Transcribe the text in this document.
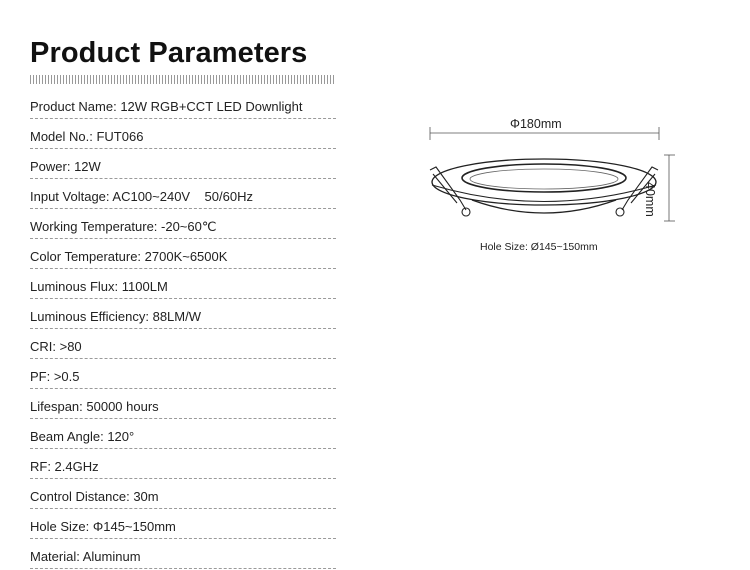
Product Parameters
Product Name: 12W RGB+CCT LED Downlight
Model No.: FUT066
Power: 12W
Input Voltage: AC100~240V    50/60Hz
Working Temperature: -20~60℃
Color Temperature: 2700K~6500K
Luminous Flux: 1100LM
Luminous Efficiency: 88LM/W
CRI: >80
PF: >0.5
Lifespan: 50000 hours
Beam Angle: 120°
RF: 2.4GHz
Control Distance: 30m
Hole Size: Φ145~150mm
Material: Aluminum
Φ180mm
40mm
Hole Size: Ø145~150mm
